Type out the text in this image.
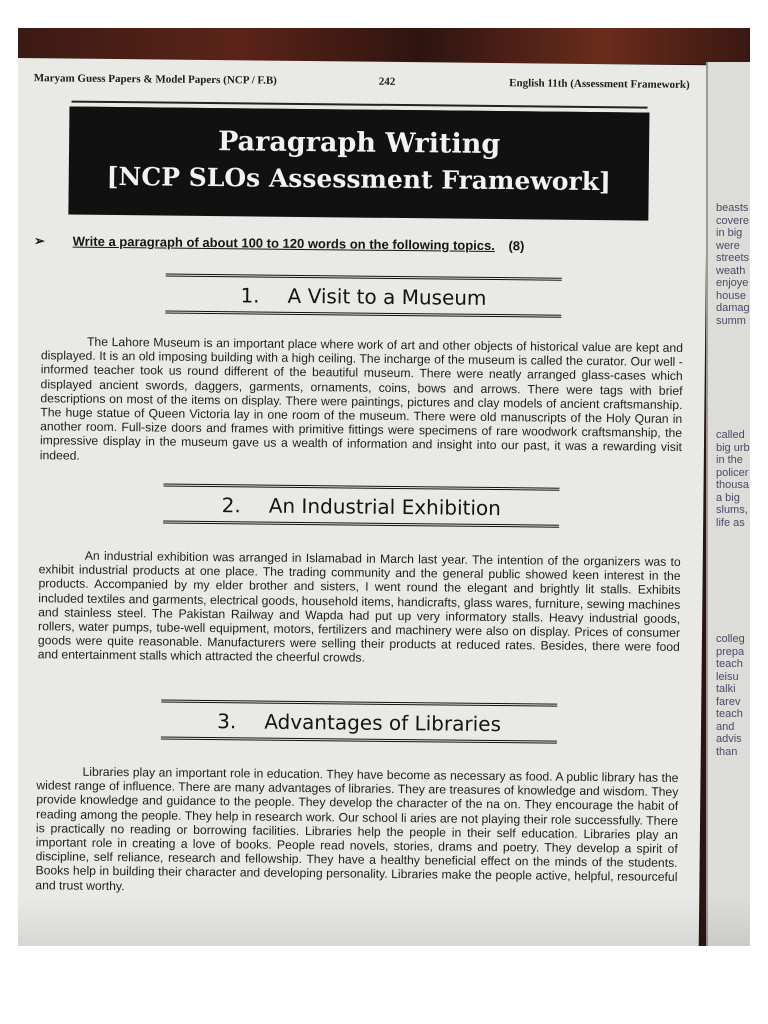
Maryam Guess Papers & Model Papers (NCP / F.B)	242	English 11th (Assessment Framework)
Paragraph Writing
[NCP SLOs Assessment Framework]
➢ Write a paragraph of about 100 to 120 words on the following topics. (8)
1. A Visit to a Museum

The Lahore Museum is an important place where work of art and other objects of historical value are kept and displayed. It is an old imposing building with a high ceiling. The incharge of the museum is called the curator. Our well -informed teacher took us round different of the beautiful museum. There were neatly arranged glass-cases which displayed ancient swords, daggers, garments, ornaments, coins, bows and arrows. There were tags with brief descriptions on most of the items on display. There were paintings, pictures and clay models of ancient craftsmanship. The huge statue of Queen Victoria lay in one room of the museum. There were old manuscripts of the Holy Quran in another room. Full-size doors and frames with primitive fittings were specimens of rare woodwork craftsmanship, the impressive display in the museum gave us a wealth of information and insight into our past, it was a rewarding visit indeed.

2. An Industrial Exhibition

An industrial exhibition was arranged in Islamabad in March last year. The intention of the organizers was to exhibit industrial products at one place. The trading community and the general public showed keen interest in the products. Accompanied by my elder brother and sisters, I went round the elegant and brightly lit stalls. Exhibits included textiles and garments, electrical goods, household items, handicrafts, glass wares, furniture, sewing machines and stainless steel. The Pakistan Railway and Wapda had put up very informatory stalls. Heavy industrial goods, rollers, water pumps, tube-well equipment, motors, fertilizers and machinery were also on display. Prices of consumer goods were quite reasonable. Manufacturers were selling their products at reduced rates. Besides, there were food and entertainment stalls which attracted the cheerful crowds.

3. Advantages of Libraries

Libraries play an important role in education. They have become as necessary as food. A public library has the widest range of influence. There are many advantages of libraries. They are treasures of knowledge and wisdom. They provide knowledge and guidance to the people. They develop the character of the na on. They encourage the habit of reading among the people. They help in research work. Our school li aries are not playing their role successfully. There is practically no reading or borrowing facilities. Libraries help the people in their self education. Libraries play an important role in creating a love of books. People read novels, stories, drams and poetry. They develop a spirit of discipline, self reliance, research and fellowship. They have a healthy beneficial effect on the minds of the students. Books help in building their character and developing personality. Libraries make the people active, helpful, resourceful and trust worthy.

beasts
covere
in big
were
streets
weath
enjoye
house
damag
summ
called
big urb
in the
policer
thousa
a big
slums,
life as
colleg
prepa
teach
leisu
talki
farev
teach
and
advis
than
